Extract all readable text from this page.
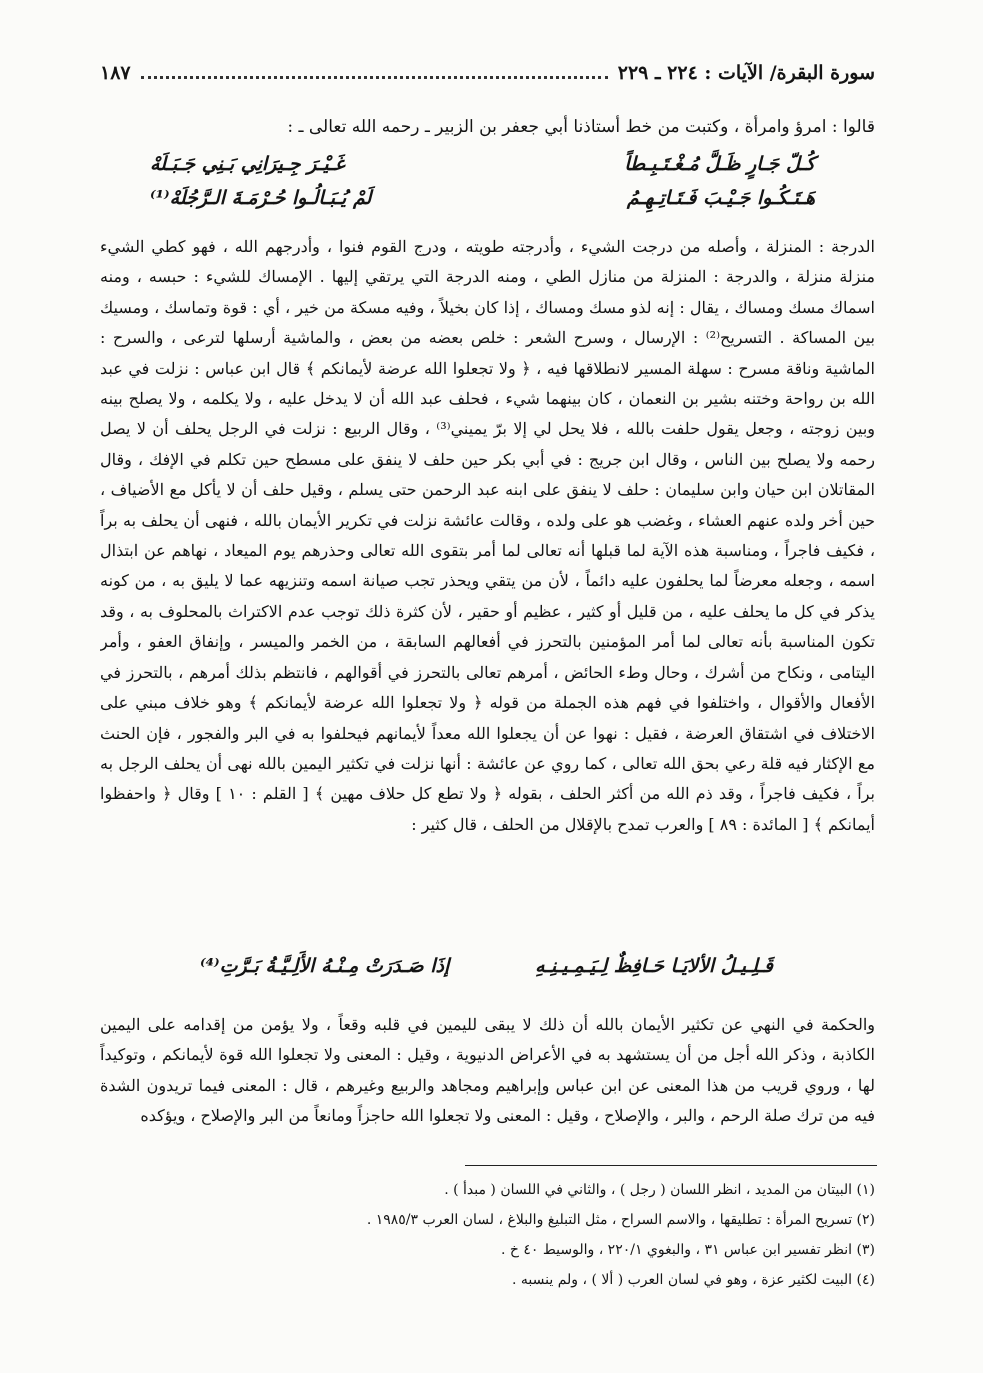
سورة البقرة/ الآيات : ٢٢٤ ـ ٢٢٩
١٨٧
قالوا : امرؤ وامرأة ، وكتبت من خط أستاذنا أبي جعفر بن الزبير ـ رحمه الله تعالى ـ :
كُـلّ جَـارٍ ظَـلَّ مُـغْـتَـبِـطاً
غَـيْـرَ جِـيرَانِي بَـنِي جَـبَـلَهْ
هَـتَـكُـوا جَـيْـبَ فَـتَـاتِـهِـمُ
لَمْ يُـبَـالُـوا حُـرْمَـةَ الـرَّجُلَهْ⁽¹⁾

الدرجة : المنزلة ، وأصله من درجت الشيء ، وأدرجته طويته ، ودرج القوم فنوا ، وأدرجهم الله ، فهو كطي الشيء منزلة منزلة ، والدرجة : المنزلة من منازل الطي ، ومنه الدرجة التي يرتقي إليها . الإمساك للشيء : حبسه ، ومنه اسماك مسك ومساك ، يقال : إنه لذو مسك ومساك ، إذا كان بخيلاً ، وفيه مسكة من خير ، أي : قوة وتماسك ، ومسيك بين المساكة . التسريح⁽²⁾ : الإرسال ، وسرح الشعر : خلص بعضه من بعض ، والماشية أرسلها لترعى ، والسرح : الماشية وناقة مسرح : سهلة المسير لانطلاقها فيه ، ﴿ ولا تجعلوا الله عرضة لأيمانكم ﴾ قال ابن عباس : نزلت في عبد الله بن رواحة وختنه بشير بن النعمان ، كان بينهما شيء ، فحلف عبد الله أن لا يدخل عليه ، ولا يكلمه ، ولا يصلح بينه وبين زوجته ، وجعل يقول حلفت بالله ، فلا يحل لي إلا برّ يميني⁽³⁾ ، وقال الربيع : نزلت في الرجل يحلف أن لا يصل رحمه ولا يصلح بين الناس ، وقال ابن جريج : في أبي بكر حين حلف لا ينفق على مسطح حين تكلم في الإفك ، وقال المقاتلان ابن حيان وابن سليمان : حلف لا ينفق على ابنه عبد الرحمن حتى يسلم ، وقيل حلف أن لا يأكل مع الأضياف ، حين أخر ولده عنهم العشاء ، وغضب هو على ولده ، وقالت عائشة نزلت في تكرير الأيمان بالله ، فنهى أن يحلف به براً ، فكيف فاجراً ، ومناسبة هذه الآية لما قبلها أنه تعالى لما أمر بتقوى الله تعالى وحذرهم يوم الميعاد ، نهاهم عن ابتذال اسمه ، وجعله معرضاً لما يحلفون عليه دائماً ، لأن من يتقي ويحذر تجب صيانة اسمه وتنزيهه عما لا يليق به ، من كونه يذكر في كل ما يحلف عليه ، من قليل أو كثير ، عظيم أو حقير ، لأن كثرة ذلك توجب عدم الاكتراث بالمحلوف به ، وقد تكون المناسبة بأنه تعالى لما أمر المؤمنين بالتحرز في أفعالهم السابقة ، من الخمر والميسر ، وإنفاق العفو ، وأمر اليتامى ، ونكاح من أشرك ، وحال وطء الحائض ، أمرهم تعالى بالتحرز في أقوالهم ، فانتظم بذلك أمرهم ، بالتحرز في الأفعال والأقوال ، واختلفوا في فهم هذه الجملة من قوله ﴿ ولا تجعلوا الله عرضة لأيمانكم ﴾ وهو خلاف مبني على الاختلاف في اشتقاق العرضة ، فقيل : نهوا عن أن يجعلوا الله معداً لأيمانهم فيحلفوا به في البر والفجور ، فإن الحنث مع الإكثار فيه قلة رعي بحق الله تعالى ، كما روي عن عائشة : أنها نزلت في تكثير اليمين بالله نهى أن يحلف الرجل به براً ، فكيف فاجراً ، وقد ذم الله من أكثر الحلف ، بقوله ﴿ ولا تطع كل حلاف مهين ﴾ [ القلم : ١٠ ] وقال ﴿ واحفظوا أيمانكم ﴾ [ المائدة : ٨٩ ] والعرب تمدح بالإقلال من الحلف ، قال كثير :

قَـلِـيـلُ الألايَـا حَـافِظٌ لِـيَـمِـيـنِـهِ
إذَا صَـدَرَتْ مِـنْـهُ الأَلِـيَّـةُ بَـرَّتِ⁽⁴⁾

والحكمة في النهي عن تكثير الأيمان بالله أن ذلك لا يبقى لليمين في قلبه وقعاً ، ولا يؤمن من إقدامه على اليمين الكاذبة ، وذكر الله أجل من أن يستشهد به في الأعراض الدنيوية ، وقيل : المعنى ولا تجعلوا الله قوة لأيمانكم ، وتوكيداً لها ، وروي قريب من هذا المعنى عن ابن عباس وإبراهيم ومجاهد والربيع وغيرهم ، قال : المعنى فيما تريدون الشدة فيه من ترك صلة الرحم ، والبر ، والإصلاح ، وقيل : المعنى ولا تجعلوا الله حاجزاً ومانعاً من البر والإصلاح ، ويؤكده

(١) البيتان من المديد ، انظر اللسان ( رجل ) ، والثاني في اللسان ( مبدأ ) .
(٢) تسريح المرأة : تطليقها ، والاسم السراح ، مثل التبليغ والبلاغ ، لسان العرب ١٩٨٥/٣ .
(٣) انظر تفسير ابن عباس ٣١ ، والبغوي ٢٢٠/١ ، والوسيط ٤٠ خ .
(٤) البيت لكثير عزة ، وهو في لسان العرب ( ألا ) ، ولم ينسبه .
